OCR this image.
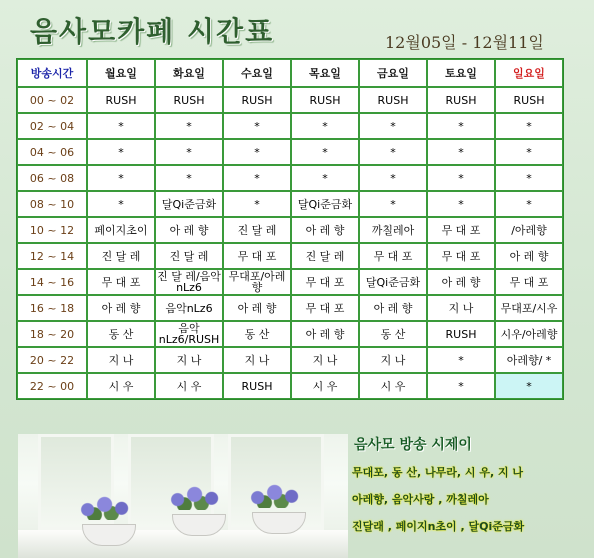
음사모카페 시간표	12월05일 - 12월11일
방송시간	월요일	화요일	수요일	목요일	금요일	토요일	일요일
00 ~ 02	RUSH	RUSH	RUSH	RUSH	RUSH	RUSH	RUSH
02 ~ 04	*	*	*	*	*	*	*
04 ~ 06	*	*	*	*	*	*	*
06 ~ 08	*	*	*	*	*	*	*
08 ~ 10	*	달Qi준금화	*	달Qi준금화	*	*	*
10 ~ 12	페이지초이	아 레 향	진 달 레	아 레 향	까칠레아	무 대 포	/아레향
12 ~ 14	진 달 레	진 달 레	무 대 포	진 달 레	무 대 포	무 대 포	아 레 향
14 ~ 16	무 대 포	진 달 레/음악nLz6	무대포/아레향	무 대 포	달Qi준금화	아 레 향	무 대 포
16 ~ 18	아 레 향	음악nLz6	아 레 향	무 대 포	아 레 향	지 나	무대포/시우
18 ~ 20	동 산	음악nLz6/RUSH	동 산	아 레 향	동 산	RUSH	시우/아레향
20 ~ 22	지 나	지 나	지 나	지 나	지 나	*	아레향/ *
22 ~ 00	시 우	시 우	RUSH	시 우	시 우	*	*
음사모 방송 시제이
무대포, 동 산, 나무라, 시 우, 지 나
아레향, 음악사랑 , 까칠레아
진달래 , 페이지n초이 , 달Qi준금화
